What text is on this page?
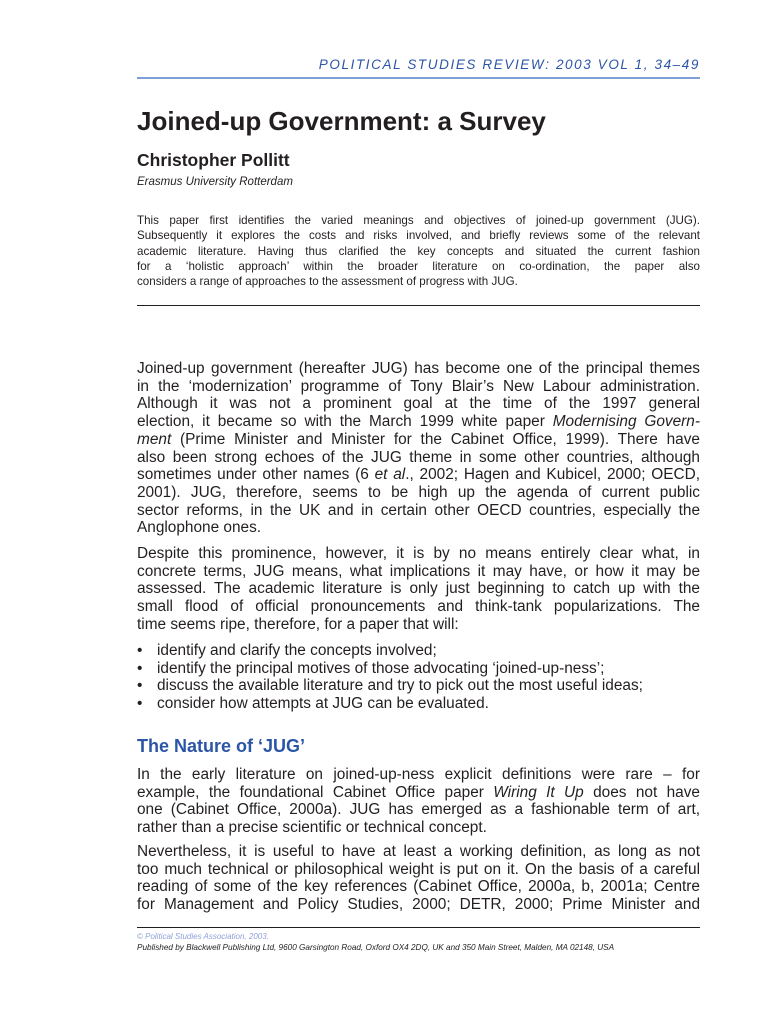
POLITICAL STUDIES REVIEW: 2003 VOL 1, 34–49
Joined-up Government: a Survey
Christopher Pollitt
Erasmus University Rotterdam
This paper first identifies the varied meanings and objectives of joined-up government (JUG).
Subsequently it explores the costs and risks involved, and briefly reviews some of the relevant
academic literature. Having thus clarified the key concepts and situated the current fashion
for a ‘holistic approach’ within the broader literature on co-ordination, the paper also
considers a range of approaches to the assessment of progress with JUG.
Joined-up government (hereafter JUG) has become one of the principal themes
in the ‘modernization’ programme of Tony Blair’s New Labour administration.
Although it was not a prominent goal at the time of the 1997 general
election, it became so with the March 1999 white paper Modernising Govern-
ment (Prime Minister and Minister for the Cabinet Office, 1999). There have
also been strong echoes of the JUG theme in some other countries, although
sometimes under other names (6 et al., 2002; Hagen and Kubicel, 2000; OECD,
2001). JUG, therefore, seems to be high up the agenda of current public
sector reforms, in the UK and in certain other OECD countries, especially the
Anglophone ones.
Despite this prominence, however, it is by no means entirely clear what, in
concrete terms, JUG means, what implications it may have, or how it may be
assessed. The academic literature is only just beginning to catch up with the
small flood of official pronouncements and think-tank popularizations. The
time seems ripe, therefore, for a paper that will:
• identify and clarify the concepts involved;
• identify the principal motives of those advocating ‘joined-up-ness’;
• discuss the available literature and try to pick out the most useful ideas;
• consider how attempts at JUG can be evaluated.
The Nature of ‘JUG’
In the early literature on joined-up-ness explicit definitions were rare – for
example, the foundational Cabinet Office paper Wiring It Up does not have
one (Cabinet Office, 2000a). JUG has emerged as a fashionable term of art,
rather than a precise scientific or technical concept.
Nevertheless, it is useful to have at least a working definition, as long as not
too much technical or philosophical weight is put on it. On the basis of a careful
reading of some of the key references (Cabinet Office, 2000a, b, 2001a; Centre
for Management and Policy Studies, 2000; DETR, 2000; Prime Minister and
© Political Studies Association, 2003.
Published by Blackwell Publishing Ltd, 9600 Garsington Road, Oxford OX4 2DQ, UK and 350 Main Street, Malden, MA 02148, USA
